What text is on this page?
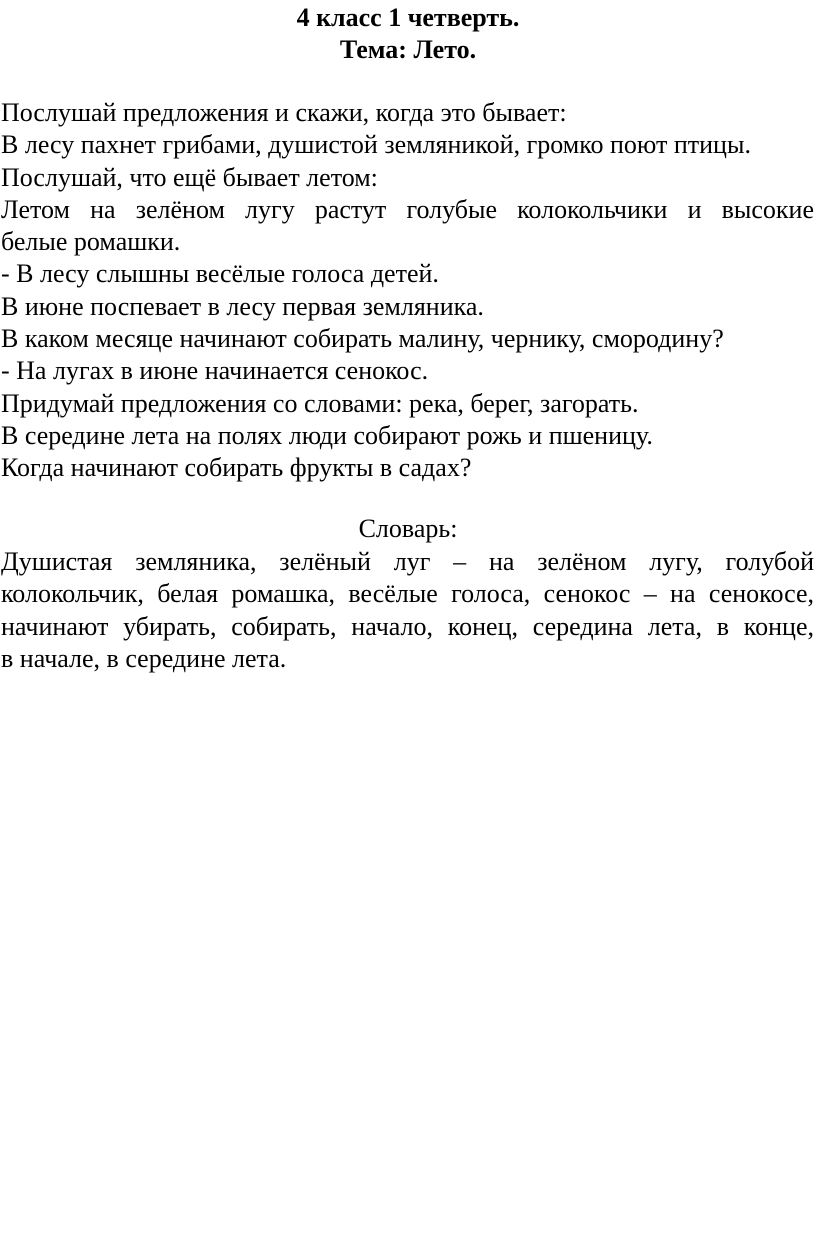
4 класс 1 четверть.
Тема: Лето.
Послушай предложения и скажи, когда это бывает:
В лесу пахнет грибами, душистой земляникой, громко поют птицы.
Послушай, что ещё бывает летом:
Летом на зелёном лугу растут голубые колокольчики и высокие
белые ромашки.
- В лесу слышны весёлые голоса детей.
В июне поспевает в лесу первая земляника.
В каком месяце начинают собирать малину, чернику, смородину?
- На лугах в июне начинается сенокос.
Придумай предложения со словами: река, берег, загорать.
В середине лета на полях люди собирают рожь и пшеницу.
Когда начинают собирать фрукты в садах?
Словарь:
Душистая земляника, зелёный луг – на зелёном лугу, голубой
колокольчик, белая ромашка, весёлые голоса, сенокос – на сенокосе,
начинают убирать, собирать, начало, конец, середина лета, в конце,
в начале, в середине лета.
